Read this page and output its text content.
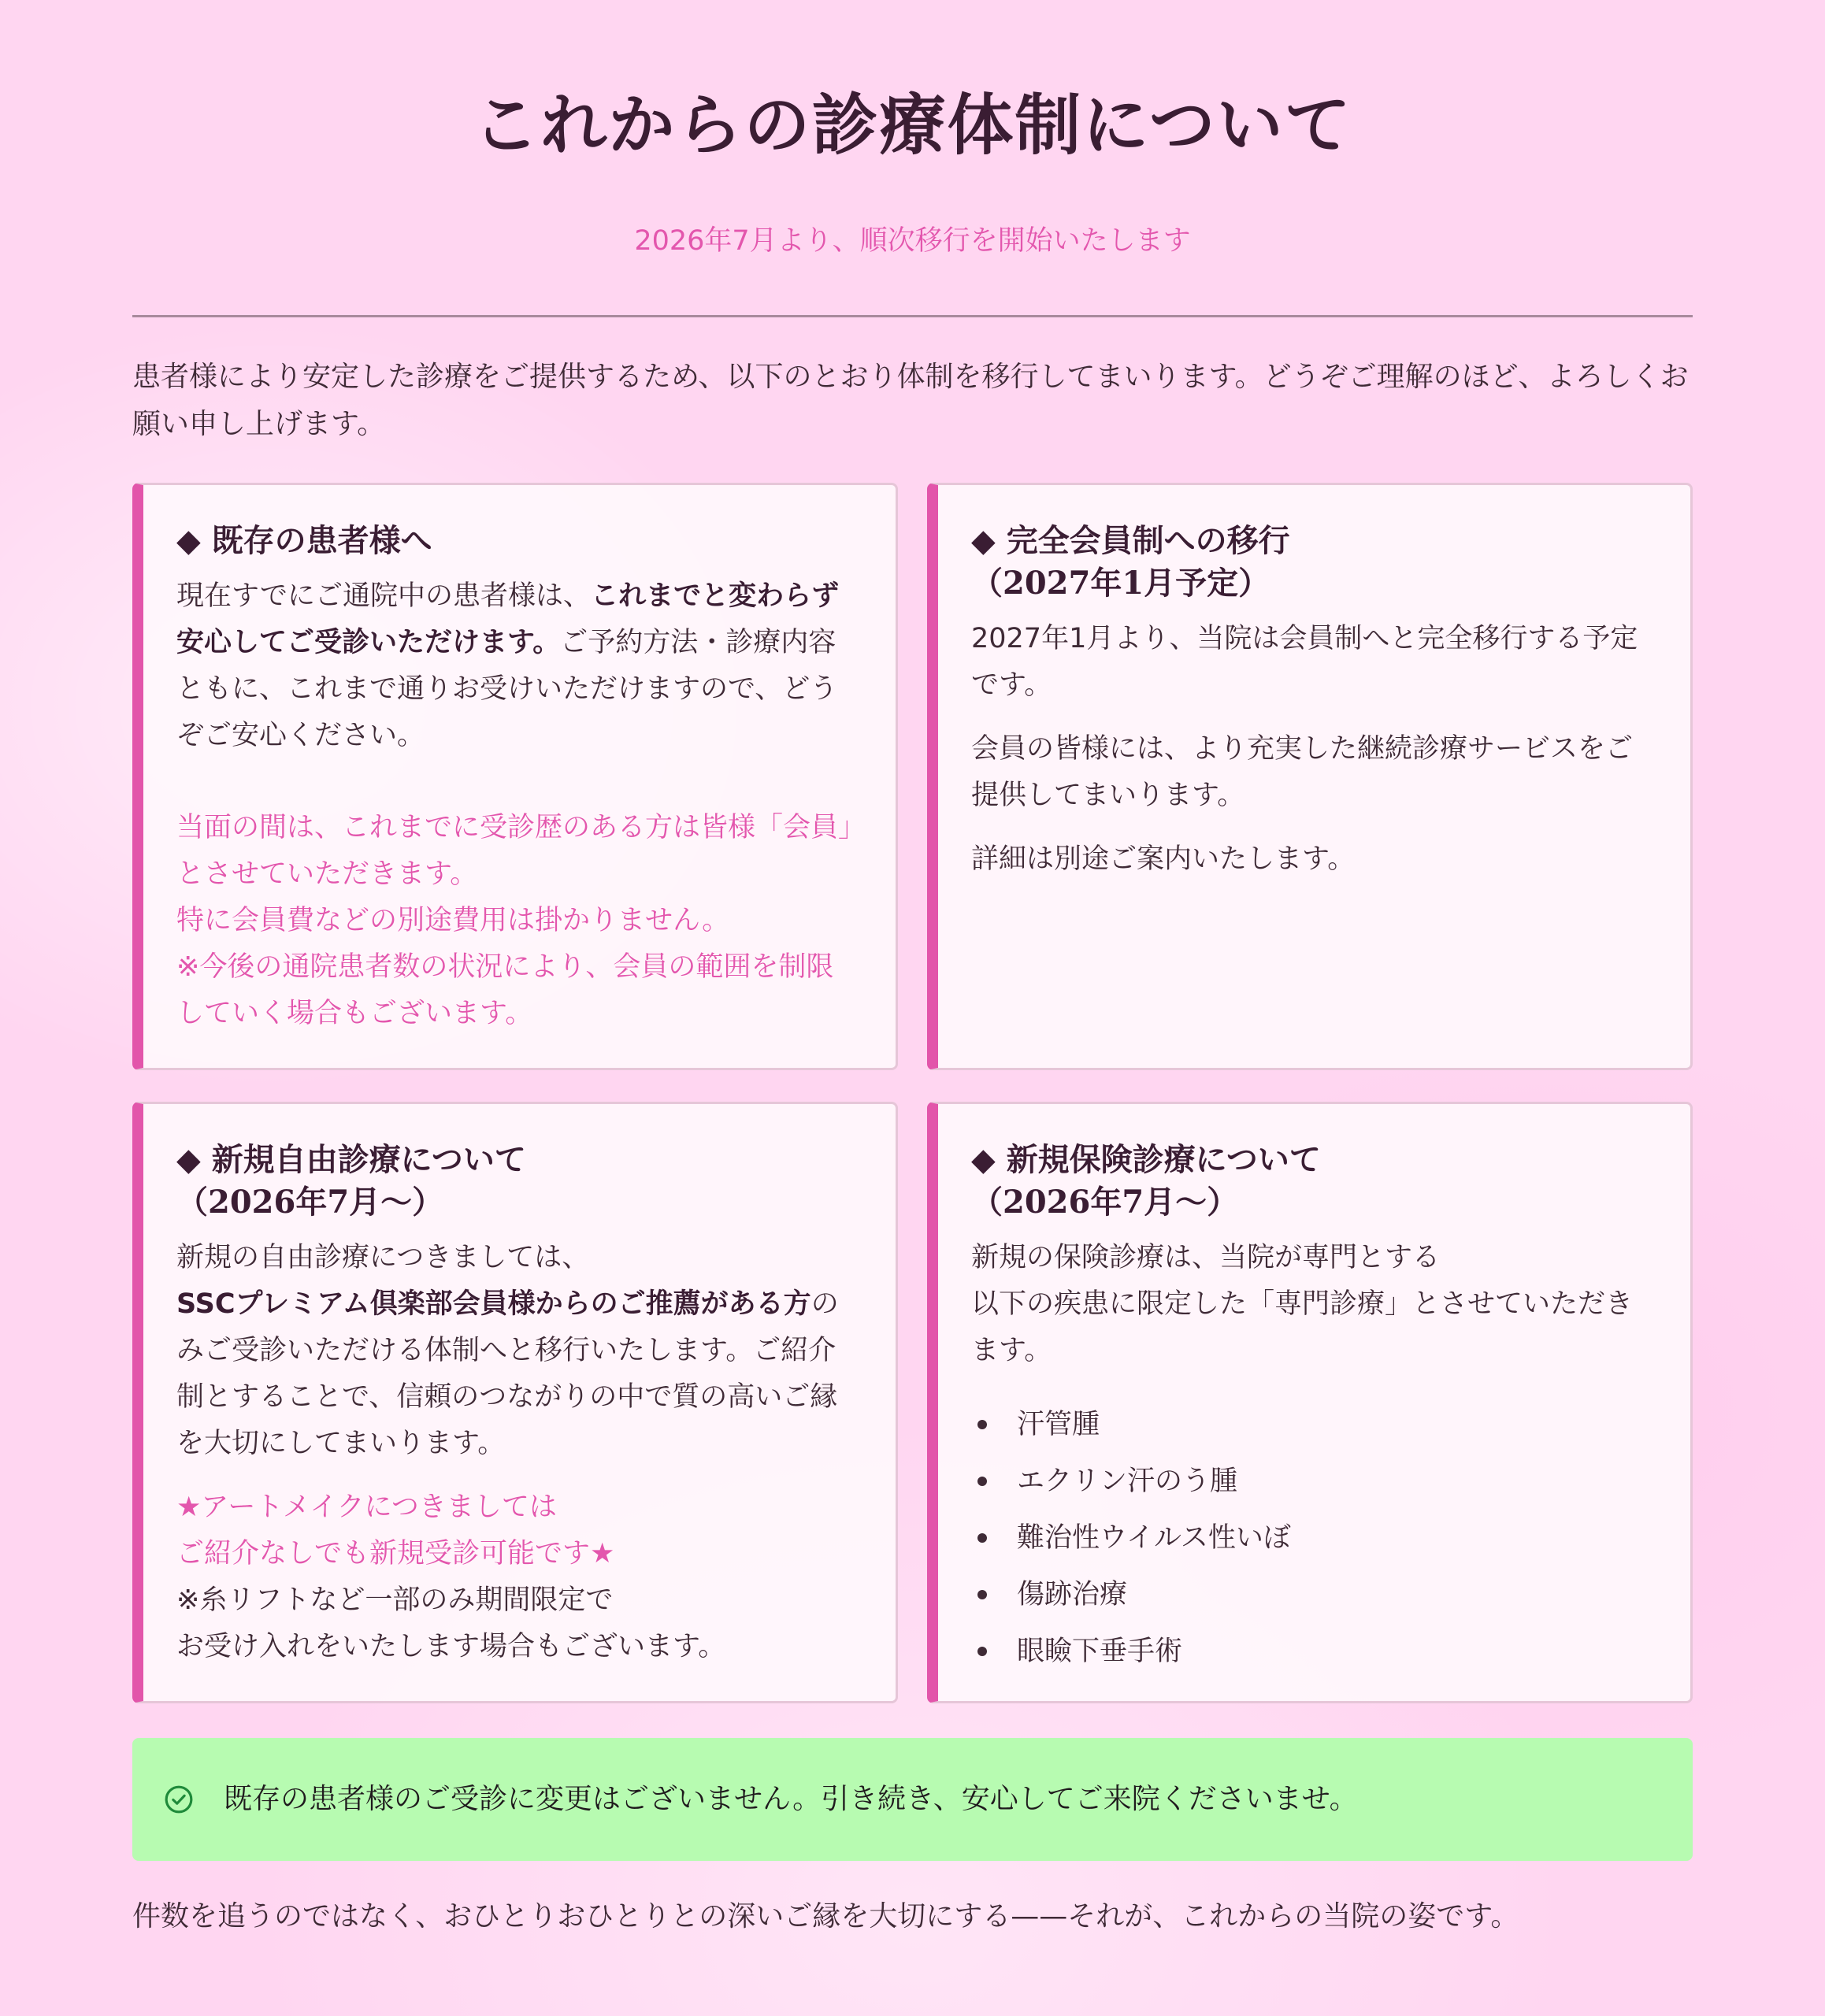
これからの診療体制について
2026年7月より、順次移行を開始いたします

患者様により安定した診療をご提供するため、以下のとおり体制を移行してまいります。どうぞご理解のほど、よろしくお願い申し上げます。

◆ 既存の患者様へ

現在すでにご通院中の患者様は、これまでと変わらず安心してご受診いただけます。ご予約方法・診療内容ともに、これまで通りお受けいただけますので、どうぞご安心ください。

当面の間は、これまでに受診歴のある方は皆様「会員」とさせていただきます。

特に会員費などの別途費用は掛かりません。

※今後の通院患者数の状況により、会員の範囲を制限していく場合もございます。

◆ 完全会員制への移行
（2027年1月予定）

2027年1月より、当院は会員制へと完全移行する予定です。

会員の皆様には、より充実した継続診療サービスをご提供してまいります。

詳細は別途ご案内いたします。

◆ 新規自由診療について
（2026年7月〜）

新規の自由診療につきましては、
SSCプレミアム倶楽部会員様からのご推薦がある方のみご受診いただける体制へと移行いたします。ご紹介制とすることで、信頼のつながりの中で質の高いご縁を大切にしてまいります。

★アートメイクにつきましては
ご紹介なしでも新規受診可能です★

※糸リフトなど一部のみ期間限定で
お受け入れをいたします場合もございます。

◆ 新規保険診療について
（2026年7月〜）

新規の保険診療は、当院が専門とする
以下の疾患に限定した「専門診療」とさせていただきます。

汗管腫
エクリン汗のう腫
難治性ウイルス性いぼ
傷跡治療
眼瞼下垂手術
既存の患者様のご受診に変更はございません。引き続き、安心してご来院くださいませ。

件数を追うのではなく、おひとりおひとりとの深いご縁を大切にする——それが、これからの当院の姿です。
